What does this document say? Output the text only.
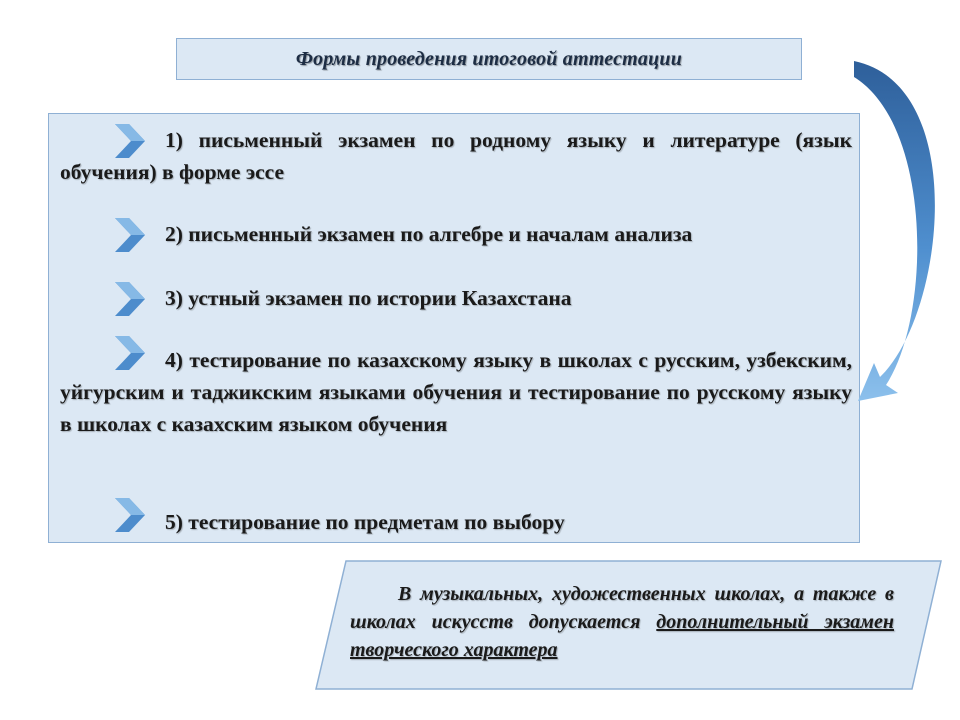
Формы проведения итоговой аттестации

1) письменный экзамен по родному языку и литературе (язык обучения) в форме эссе

2) письменный экзамен по алгебре и началам анализа

3) устный экзамен по истории Казахстана

4) тестирование по казахскому языку в школах с русским, узбекским, уйгурским и таджикским языками обучения и тестирование по русскому языку в школах с казахским языком обучения

5) тестирование по предметам по выбору

В музыкальных, художественных школах, а также в школах искусств допускается дополнительный экзамен творческого характера
